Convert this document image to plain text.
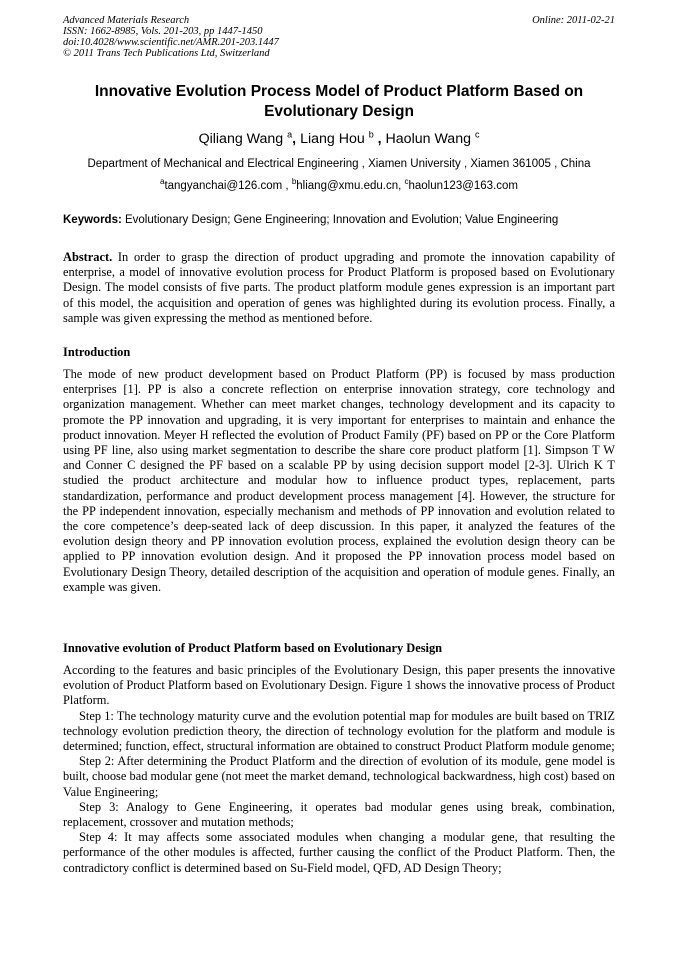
Advanced Materials Research
ISSN: 1662-8985, Vols. 201-203, pp 1447-1450
doi:10.4028/www.scientific.net/AMR.201-203.1447
© 2011 Trans Tech Publications Ltd, Switzerland
Online: 2011-02-21
Innovative Evolution Process Model of Product Platform Based on Evolutionary Design
Qiliang Wang $^a$, Liang Hou $^b$ , Haolun Wang $^c$
Department of Mechanical and Electrical Engineering , Xiamen University , Xiamen 361005 , China
$^a$tangyanchai@126.com , $^b$hliang@xmu.edu.cn, $^c$haolun123@163.com
Keywords: Evolutionary Design; Gene Engineering; Innovation and Evolution; Value Engineering

Abstract. In order to grasp the direction of product upgrading and promote the innovation capability of enterprise, a model of innovative evolution process for Product Platform is proposed based on Evolutionary Design. The model consists of five parts. The product platform module genes expression is an important part of this model, the acquisition and operation of genes was highlighted during its evolution process. Finally, a sample was given expressing the method as mentioned before.

Introduction

The mode of new product development based on Product Platform (PP) is focused by mass production enterprises [1]. PP is also a concrete reflection on enterprise innovation strategy, core technology and organization management. Whether can meet market changes, technology development and its capacity to promote the PP innovation and upgrading, it is very important for enterprises to maintain and enhance the product innovation. Meyer H reflected the evolution of Product Family (PF) based on PP or the Core Platform using PF line, also using market segmentation to describe the share core product platform [1]. Simpson T W and Conner C designed the PF based on a scalable PP by using decision support model [2-3]. Ulrich K T studied the product architecture and modular how to influence product types, replacement, parts standardization, performance and product development process management [4]. However, the structure for the PP independent innovation, especially mechanism and methods of PP innovation and evolution related to the core competence’s deep-seated lack of deep discussion. In this paper, it analyzed the features of the evolution design theory and PP innovation evolution process, explained the evolution design theory can be applied to PP innovation evolution design. And it proposed the PP innovation process model based on Evolutionary Design Theory, detailed description of the acquisition and operation of module genes. Finally, an example was given.

Innovative evolution of Product Platform based on Evolutionary Design

According to the features and basic principles of the Evolutionary Design, this paper presents the innovative evolution of Product Platform based on Evolutionary Design. Figure 1 shows the innovative process of Product Platform.

Step 1: The technology maturity curve and the evolution potential map for modules are built based on TRIZ technology evolution prediction theory, the direction of technology evolution for the platform and module is determined; function, effect, structural information are obtained to construct Product Platform module genome;

Step 2: After determining the Product Platform and the direction of evolution of its module, gene model is built, choose bad modular gene (not meet the market demand, technological backwardness, high cost) based on Value Engineering;

Step 3: Analogy to Gene Engineering, it operates bad modular genes using break, combination, replacement, crossover and mutation methods;

Step 4: It may affects some associated modules when changing a modular gene, that resulting the performance of the other modules is affected, further causing the conflict of the Product Platform. Then, the contradictory conflict is determined based on Su-Field model, QFD, AD Design Theory;
